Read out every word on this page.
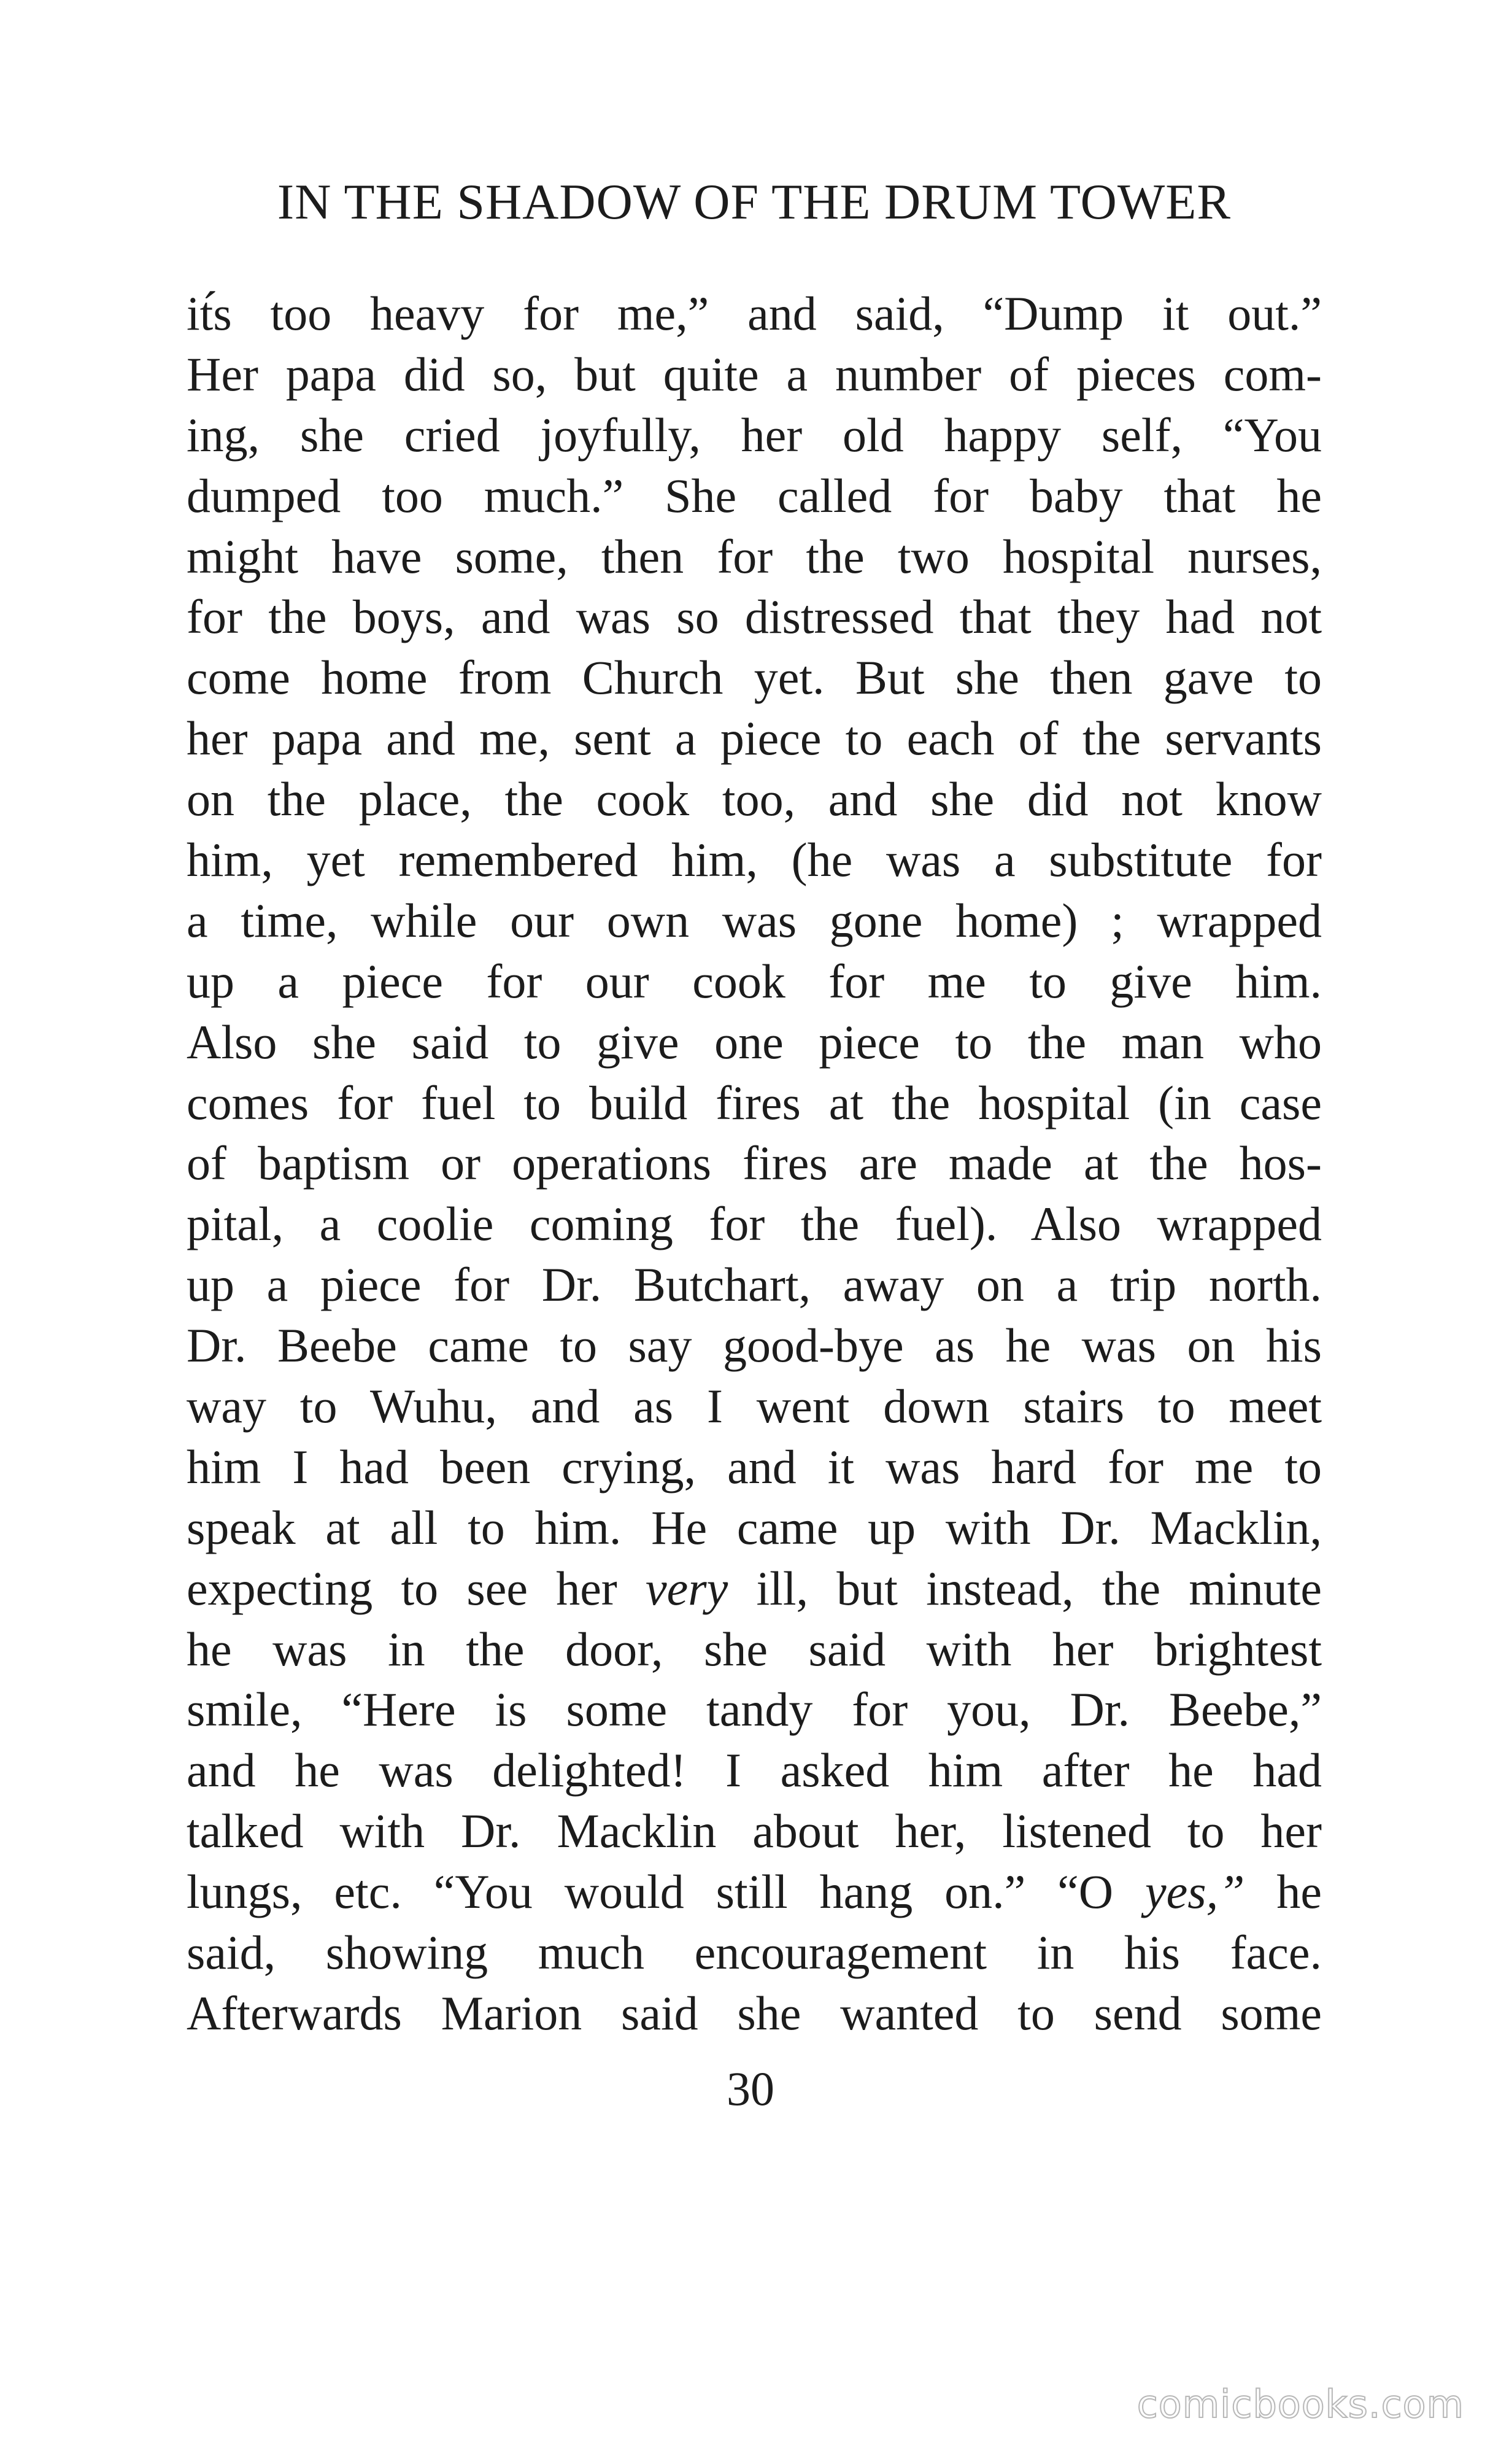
IN THE SHADOW OF THE DRUM TOWER
it́s too heavy for me,” and said, “Dump it out.”
Her papa did so, but quite a number of pieces com-
ing, she cried joyfully, her old happy self, “You
dumped too much.” She called for baby that he
might have some, then for the two hospital nurses,
for the boys, and was so distressed that they had not
come home from Church yet. But she then gave to
her papa and me, sent a piece to each of the servants
on the place, the cook too, and she did not know
him, yet remembered him, (he was a substitute for
a time, while our own was gone home) ; wrapped
up a piece for our cook for me to give him.
Also she said to give one piece to the man who
comes for fuel to build fires at the hospital (in case
of baptism or operations fires are made at the hos-
pital, a coolie coming for the fuel). Also wrapped
up a piece for Dr. Butchart, away on a trip north.
Dr. Beebe came to say good-bye as he was on his
way to Wuhu, and as I went down stairs to meet
him I had been crying, and it was hard for me to
speak at all to him. He came up with Dr. Macklin,
expecting to see her very ill, but instead, the minute
he was in the door, she said with her brightest
smile, “Here is some tandy for you, Dr. Beebe,”
and he was delighted! I asked him after he had
talked with Dr. Macklin about her, listened to her
lungs, etc. “You would still hang on.” “O yes,” he
said, showing much encouragement in his face.
Afterwards Marion said she wanted to send some
30
comicbooks.com
